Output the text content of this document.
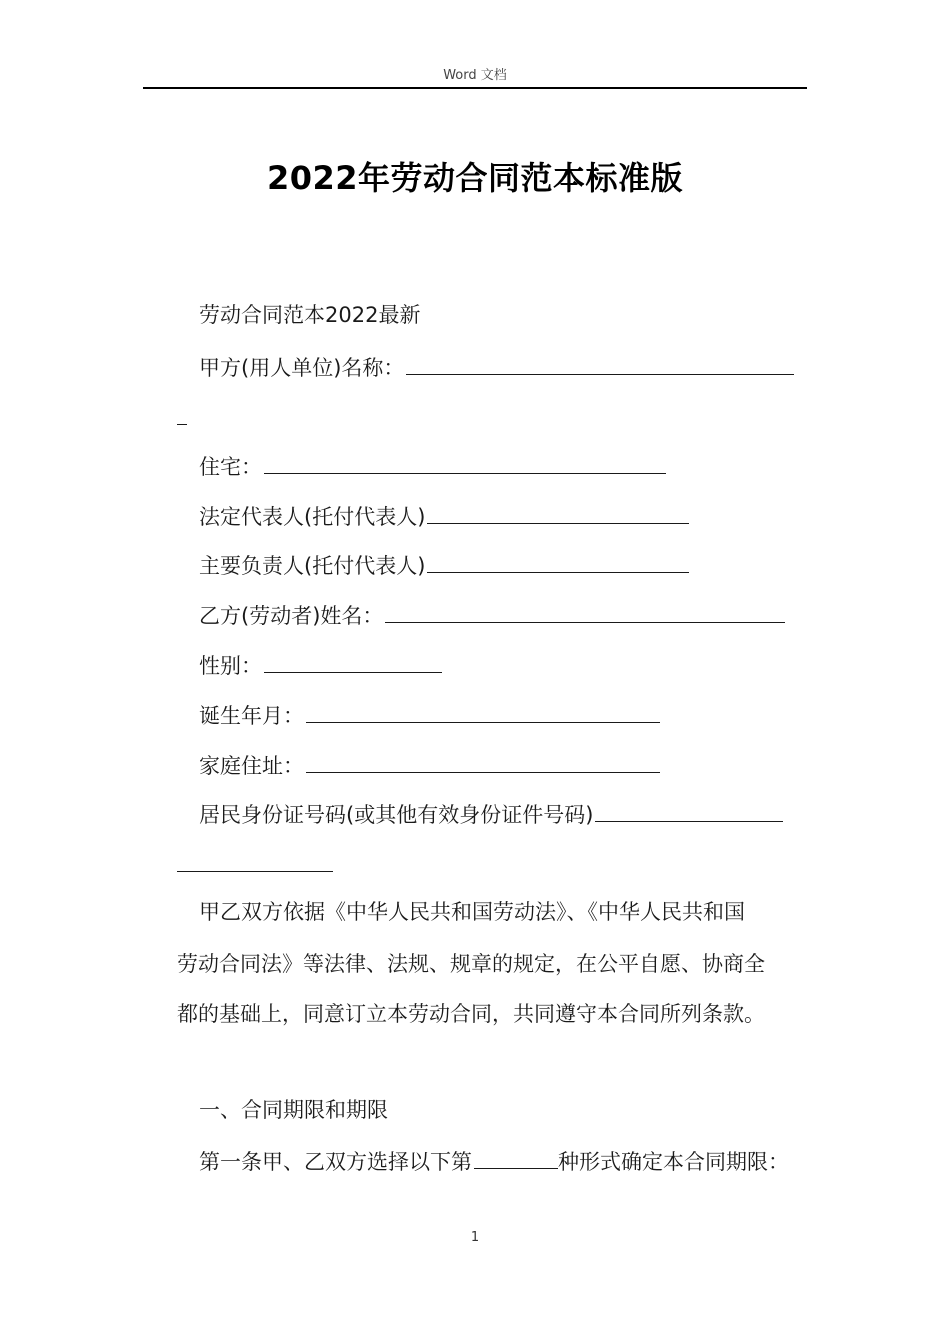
Word 文档
2022年劳动合同范本标准版
劳动合同范本2022最新
甲方(用人单位)名称：
住宅：
法定代表人(托付代表人)
主要负责人(托付代表人)
乙方(劳动者)姓名：
性别：
诞生年月：
家庭住址：
居民身份证号码(或其他有效身份证件号码)
甲乙双方依据《中华人民共和国劳动法》、《中华人民共和国
劳动合同法》等法律、法规、规章的规定，在公平自愿、协商全
都的基础上，同意订立本劳动合同，共同遵守本合同所列条款。
一、合同期限和期限
第一条甲、乙双方选择以下第	种形式确定本合同期限：
1
